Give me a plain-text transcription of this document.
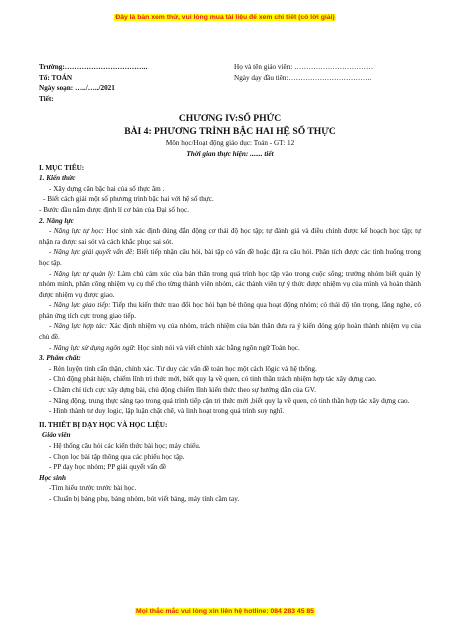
Đây là bản xem thử, vui lòng mua tài liệu để xem chi tiết (có lời giải)
Trường:……………………………..	Họ và tên giáo viên: ……………………………
Tổ: TOÁN	Ngày dạy đầu tiên:……………………………..
Ngày soạn: …../…../2021
Tiết:
CHƯƠNG IV:SỐ PHỨC
BÀI 4: PHƯƠNG TRÌNH BẬC HAI HỆ SỐ THỰC
Môn học/Hoạt động giáo dục: Toán - GT: 12
Thời gian thực hiện: ....... tiết
I. MỤC TIÊU:
1. Kiến thức

- Xây dựng căn bậc hai của số thực âm .

- Biết cách giải một số phương trình bậc hai với hệ số thực.

- Bước đầu nắm được định lí cơ bản của Đại số học.

2. Năng lực

- Năng lực tự học: Học sinh xác định đúng đắn động cơ thái độ học tập; tự đánh giá và điều chỉnh được kế hoạch học tập; tự nhận ra được sai sót và cách khắc phục sai sót.

- Năng lực giải quyết vấn đề: Biết tiếp nhận câu hỏi, bài tập có vấn đề hoặc đặt ra câu hỏi. Phân tích được các tình huống trong học tập.

- Năng lực tự quản lý: Làm chủ cảm xúc của bản thân trong quá trình học tập vào trong cuộc sống; trưởng nhóm biết quản lý nhóm mình, phân công nhiệm vụ cụ thể cho từng thành viên nhóm, các thành viên tự ý thức được nhiệm vụ của mình và hoàn thành được nhiệm vụ được giao.

- Năng lực giao tiếp: Tiếp thu kiến thức trao đổi học hỏi bạn bè thông qua hoạt động nhóm; có thái độ tôn trọng, lắng nghe, có phản ứng tích cực trong giao tiếp.

- Năng lực hợp tác: Xác định nhiệm vụ của nhóm, trách nhiệm của bản thân đưa ra ý kiến đóng góp hoàn thành nhiệm vụ của chủ đề.

- Năng lực sử dụng ngôn ngữ: Học sinh nói và viết chính xác bằng ngôn ngữ Toán học.

3. Phẩm chất:

- Rèn luyện tính cẩn thận, chính xác. Tư duy các vấn đề toán học một cách lôgic và hệ thống.

- Chủ động phát hiện, chiếm lĩnh tri thức mới, biết quy lạ về quen, có tinh thần trách nhiệm hợp tác xây dựng cao.

- Chăm chỉ tích cực xây dựng bài, chủ động chiếm lĩnh kiến thức theo sự hướng dẫn của GV.

- Năng động, trung thực sáng tạo trong quá trình tiếp cận tri thức mới ,biết quy lạ về quen, có tinh thần hợp tác xây dựng cao.

- Hình thành tư duy logic, lập luận chặt chẽ, và linh hoạt trong quá trình suy nghĩ.

II. THIẾT BỊ DẠY HỌC VÀ HỌC LIỆU:
Giáo viên

- Hệ thống câu hỏi các kiến thức bài học; máy chiếu.

- Chọn lọc bài tập thông qua các phiếu học tập.

- PP dạy học nhóm; PP giải quyết vấn đề

Học sinh

-Tìm hiểu trước trước bài học.

- Chuẩn bị bảng phụ, bảng nhóm, bút viết bảng, máy tính cầm tay.

Mọi thắc mắc vui lòng xin liên hệ hotline: 084 283 45 85
